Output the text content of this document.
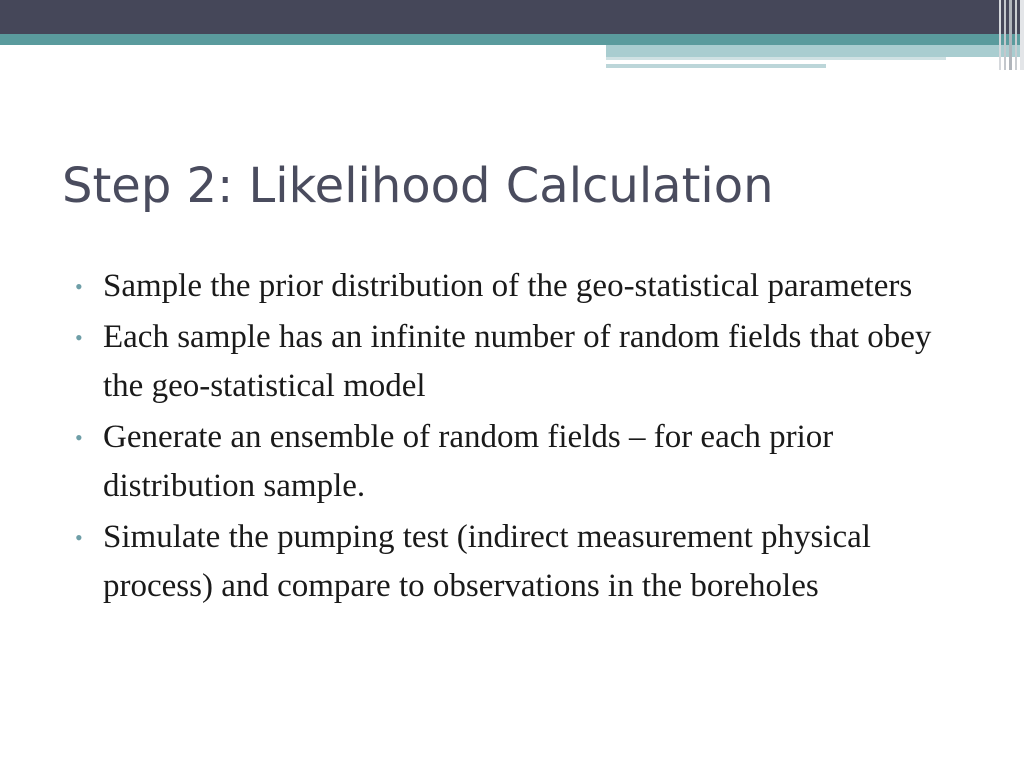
Step 2: Likelihood Calculation
• Sample the prior distribution of the geo-statistical parameters
• Each sample has an infinite number of random fields that obey the geo-statistical model
• Generate an ensemble of random fields – for each prior distribution sample.
• Simulate the pumping test (indirect measurement physical process) and compare to observations in the boreholes
